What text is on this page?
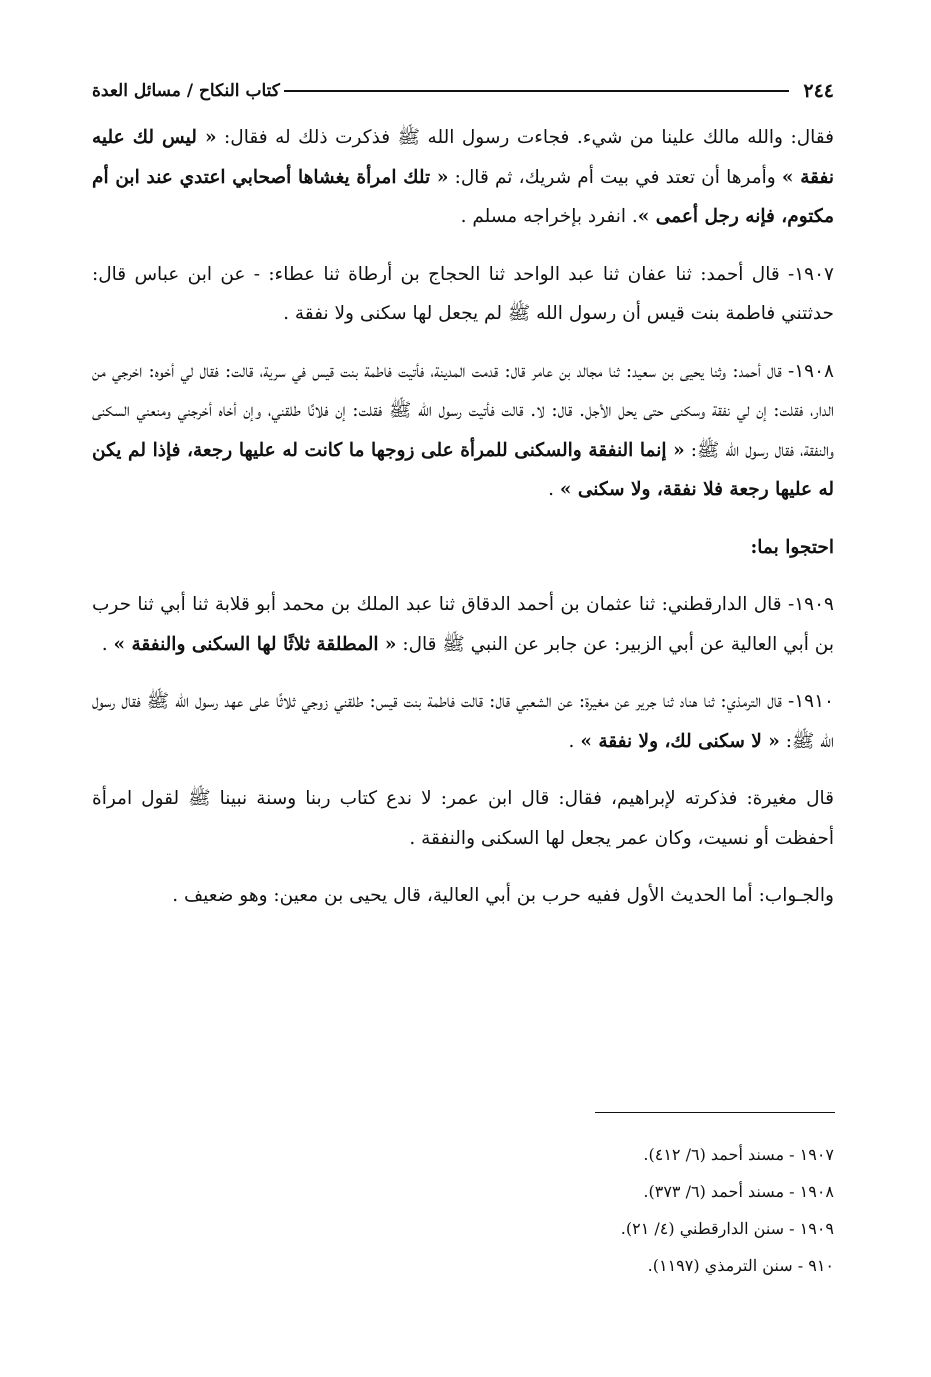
٢٤٤
كتاب النكاح / مسائل العدة

فقال: والله مالك علينا من شيء. فجاءت رسول الله ﷺ فذكرت ذلك له فقال: « ليس لك عليه نفقة » وأمرها أن تعتد في بيت أم شريك، ثم قال: « تلك امرأة يغشاها أصحابي اعتدي عند ابن أم مكتوم، فإنه رجل أعمى ». انفرد بإخراجه مسلم .

١٩٠٧- قال أحمد: ثنا عفان ثنا عبد الواحد ثنا الحجاج بن أرطاة ثنا عطاء: - عن ابن عباس قال: حدثتني فاطمة بنت قيس أن رسول الله ﷺ لم يجعل لها سكنى ولا نفقة .

١٩٠٨- قال أحمد: وثنا يحيى بن سعيد: ثنا مجالد بن عامر قال: قدمت المدينة، فأتيت فاطمة بنت قيس في سرية، قالت: فقال لي أخوه: اخرجي من الدار، فقلت: إن لي نفقة وسكنى حتى يحل الأجل. قال: لا. قالت فأتيت رسول الله ﷺ فقلت: إن فلانًا طلقني، وإن أخاه أخرجني ومنعني السكنى والنفقة، فقال رسول الله ﷺ: « إنما النفقة والسكنى للمرأة على زوجها ما كانت له عليها رجعة، فإذا لم يكن له عليها رجعة فلا نفقة، ولا سكنى » .

احتجوا بما:

١٩٠٩- قال الدارقطني: ثنا عثمان بن أحمد الدقاق ثنا عبد الملك بن محمد أبو قلابة ثنا أبي ثنا حرب بن أبي العالية عن أبي الزبير: عن جابر عن النبي ﷺ قال: « المطلقة ثلاثًا لها السكنى والنفقة » .

١٩١٠- قال الترمذي: ثنا هناد ثنا جرير عن مغيرة: عن الشعبي قال: قالت فاطمة بنت قيس: طلقني زوجي ثلاثًا على عهد رسول الله ﷺ فقال رسول الله ﷺ: « لا سكنى لك، ولا نفقة » .

قال مغيرة: فذكرته لإبراهيم، فقال: قال ابن عمر: لا ندع كتاب ربنا وسنة نبينا ﷺ لقول امرأة أحفظت أو نسيت، وكان عمر يجعل لها السكنى والنفقة .

والجـواب: أما الحديث الأول ففيه حرب بن أبي العالية، قال يحيى بن معين: وهو ضعيف .

١٩٠٧ - مسند أحمد (٦/ ٤١٢).
١٩٠٨ - مسند أحمد (٦/ ٣٧٣).
١٩٠٩ - سنن الدارقطني (٤/ ٢١).
٩١٠ - سنن الترمذي (١١٩٧).
